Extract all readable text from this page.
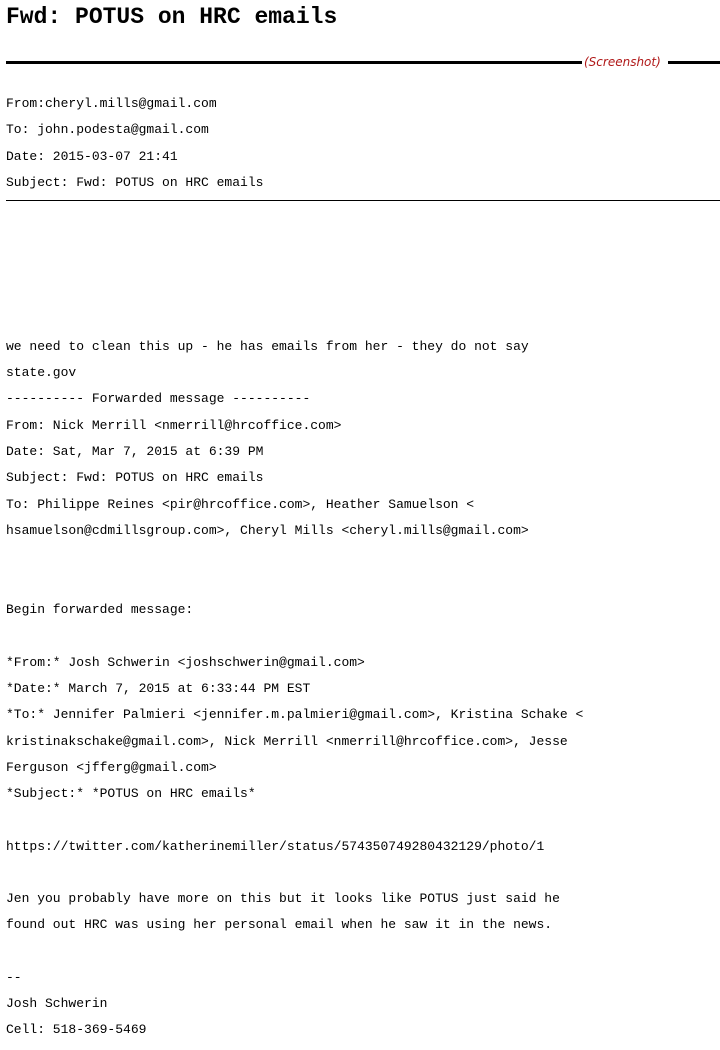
Fwd: POTUS on HRC emails
(Screenshot)
From:cheryl.mills@gmail.com
To: john.podesta@gmail.com
Date: 2015-03-07 21:41
Subject: Fwd: POTUS on HRC emails
we need to clean this up - he has emails from her - they do not say
state.gov
---------- Forwarded message ----------
From: Nick Merrill <nmerrill@hrcoffice.com>
Date: Sat, Mar 7, 2015 at 6:39 PM
Subject: Fwd: POTUS on HRC emails
To: Philippe Reines <pir@hrcoffice.com>, Heather Samuelson <
hsamuelson@cdmillsgroup.com>, Cheryl Mills <cheryl.mills@gmail.com>
Begin forwarded message:
*From:* Josh Schwerin <joshschwerin@gmail.com>
*Date:* March 7, 2015 at 6:33:44 PM EST
*To:* Jennifer Palmieri <jennifer.m.palmieri@gmail.com>, Kristina Schake <
kristinakschake@gmail.com>, Nick Merrill <nmerrill@hrcoffice.com>, Jesse
Ferguson <jfferg@gmail.com>
*Subject:* *POTUS on HRC emails*
https://twitter.com/katherinemiller/status/574350749280432129/photo/1
Jen you probably have more on this but it looks like POTUS just said he
found out HRC was using her personal email when he saw it in the news.
--
Josh Schwerin
Cell: 518-369-5469
